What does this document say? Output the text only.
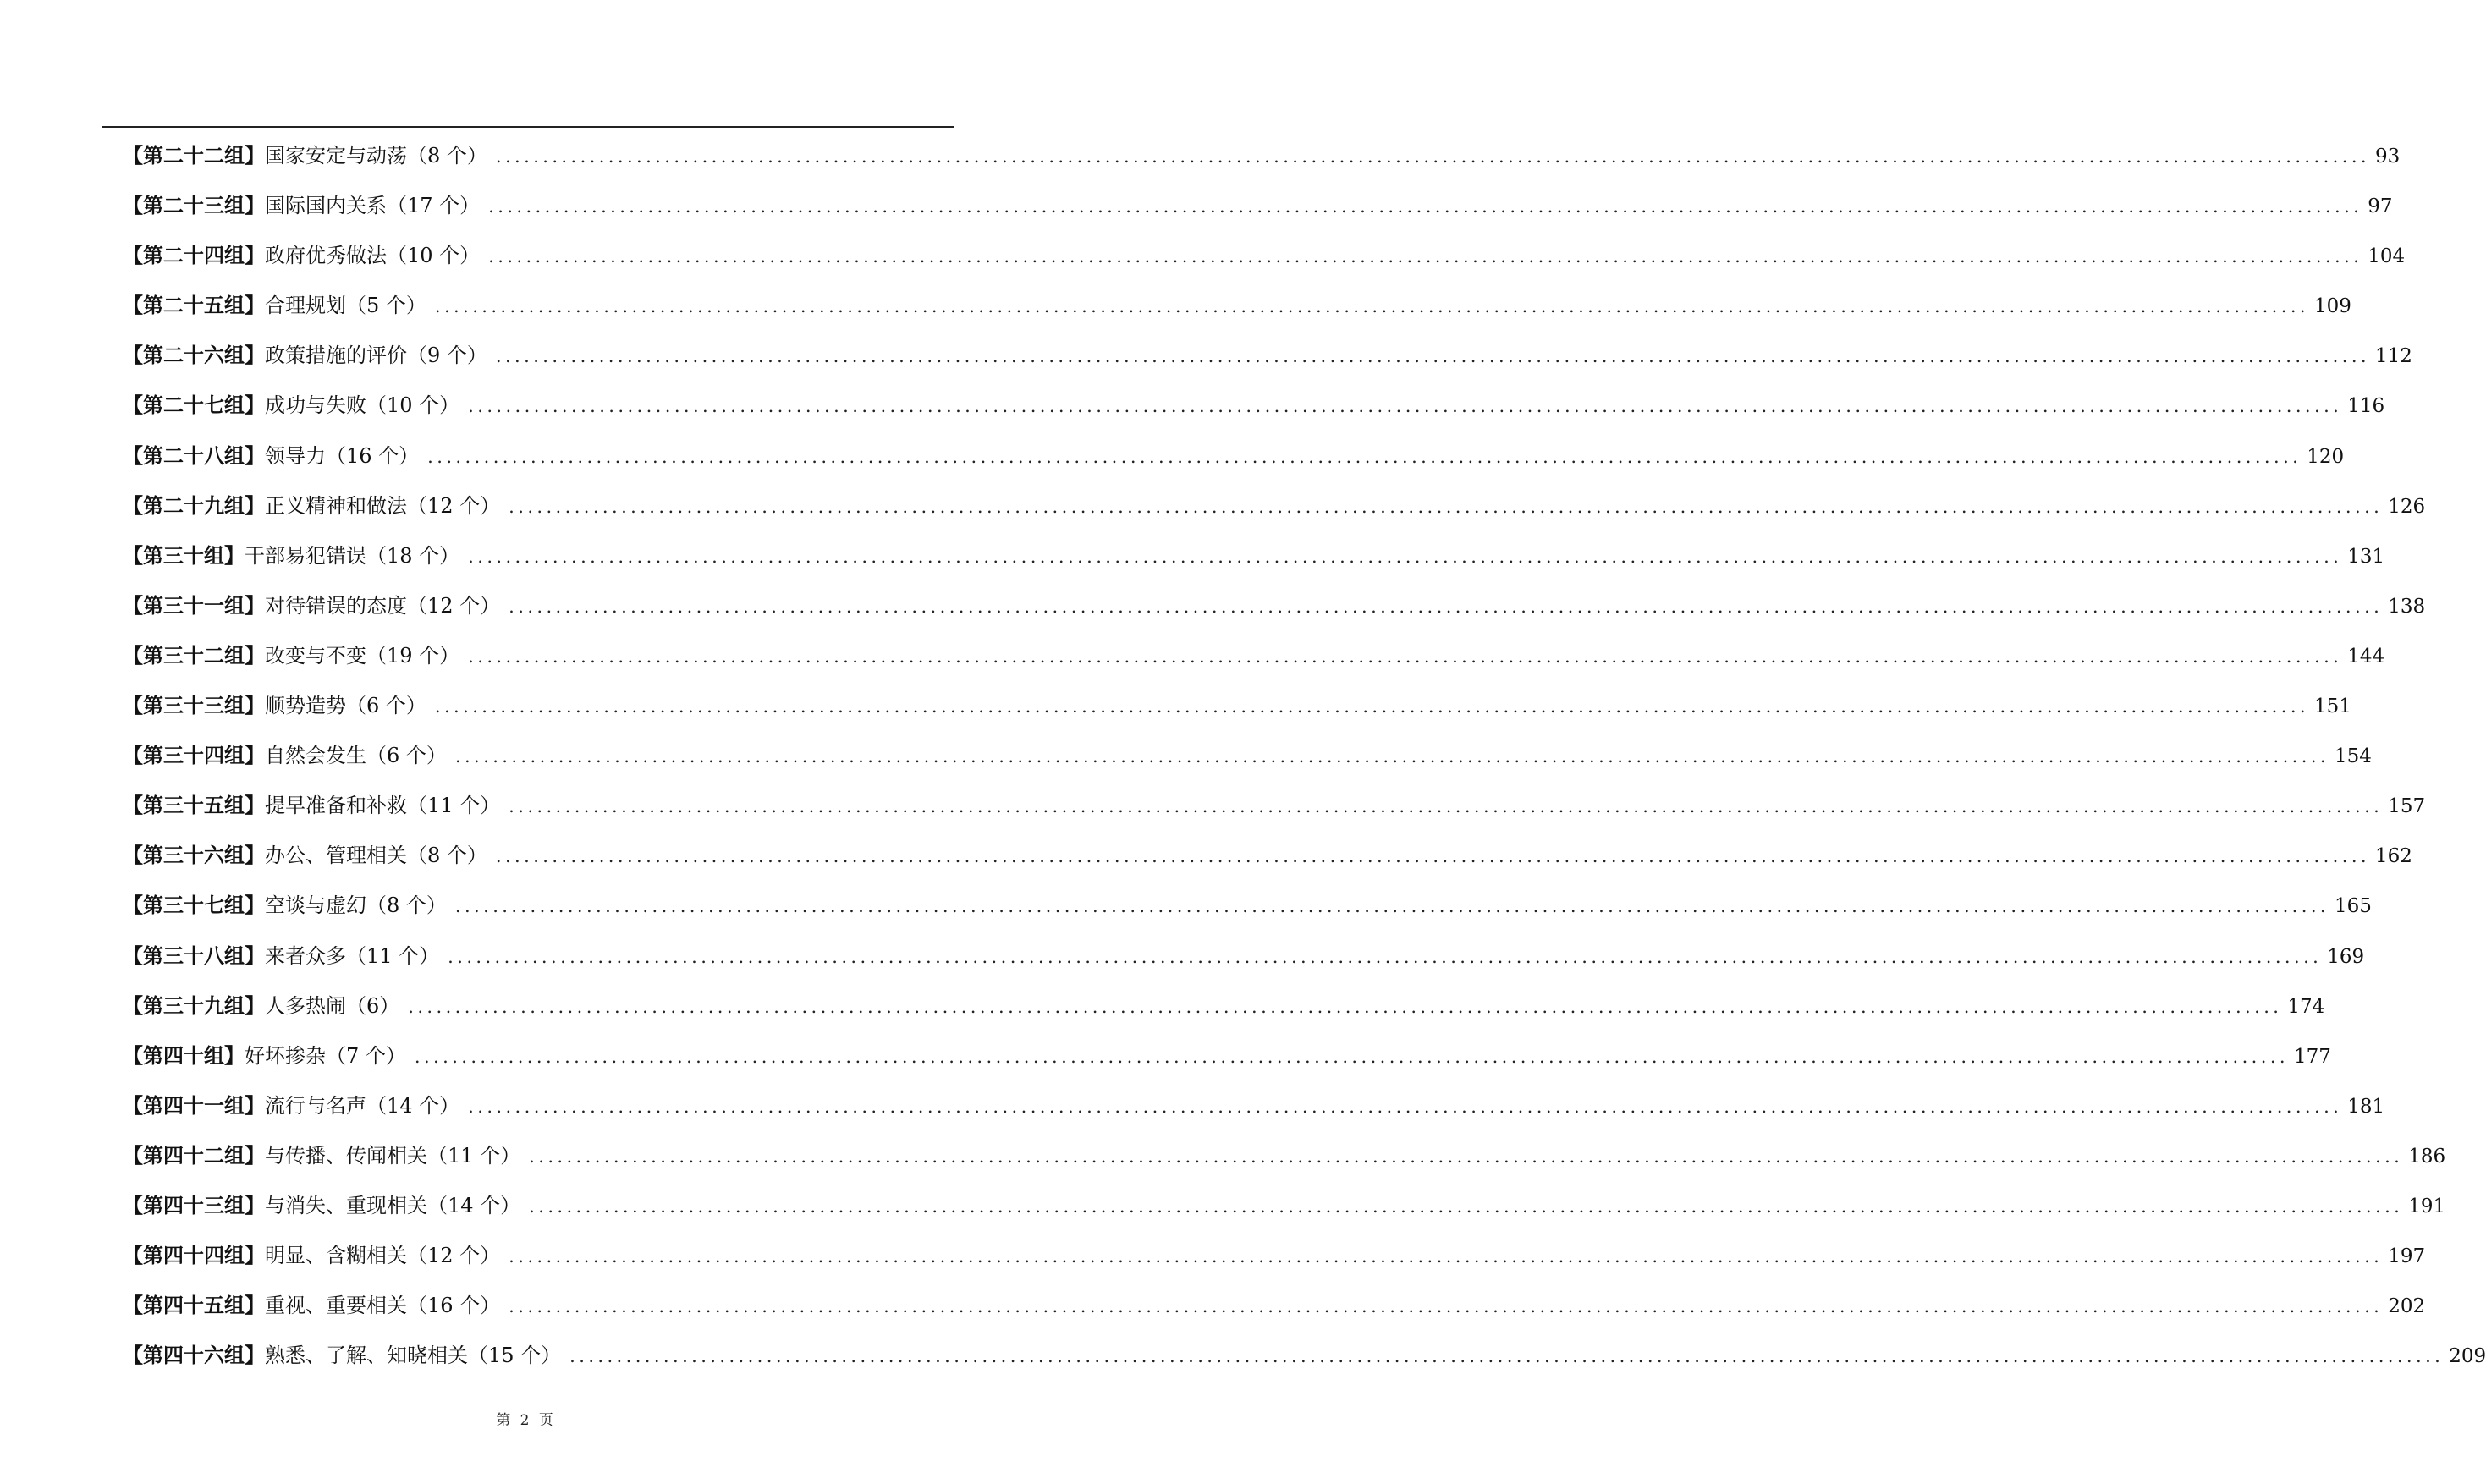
【第二十二组】 国家安定与动荡（8 个） ........................................................................................................................................................................................................ 93
【第二十三组】 国际国内关系（17 个） ........................................................................................................................................................................................................ 97
【第二十四组】 政府优秀做法（10 个） ........................................................................................................................................................................................................ 104
【第二十五组】 合理规划（5 个） ........................................................................................................................................................................................................ 109
【第二十六组】 政策措施的评价（9 个） ........................................................................................................................................................................................................ 112
【第二十七组】 成功与失败（10 个） ........................................................................................................................................................................................................ 116
【第二十八组】 领导力（16 个） ........................................................................................................................................................................................................ 120
【第二十九组】 正义精神和做法（12 个） ........................................................................................................................................................................................................ 126
【第三十组】 干部易犯错误（18 个） ........................................................................................................................................................................................................ 131
【第三十一组】 对待错误的态度（12 个） ........................................................................................................................................................................................................ 138
【第三十二组】 改变与不变（19 个） ........................................................................................................................................................................................................ 144
【第三十三组】 顺势造势（6 个） ........................................................................................................................................................................................................ 151
【第三十四组】 自然会发生（6 个） ........................................................................................................................................................................................................ 154
【第三十五组】 提早准备和补救（11 个） ........................................................................................................................................................................................................ 157
【第三十六组】 办公、管理相关（8 个） ........................................................................................................................................................................................................ 162
【第三十七组】 空谈与虚幻（8 个） ........................................................................................................................................................................................................ 165
【第三十八组】 来者众多（11 个） ........................................................................................................................................................................................................ 169
【第三十九组】 人多热闹（6） ........................................................................................................................................................................................................ 174
【第四十组】 好坏掺杂（7 个） ........................................................................................................................................................................................................ 177
【第四十一组】 流行与名声（14 个） ........................................................................................................................................................................................................ 181
【第四十二组】 与传播、传闻相关（11 个） ........................................................................................................................................................................................................ 186
【第四十三组】 与消失、重现相关（14 个） ........................................................................................................................................................................................................ 191
【第四十四组】 明显、含糊相关（12 个） ........................................................................................................................................................................................................ 197
【第四十五组】 重视、重要相关（16 个） ........................................................................................................................................................................................................ 202
【第四十六组】 熟悉、了解、知晓相关（15 个） ........................................................................................................................................................................................................ 209
第 2 页
